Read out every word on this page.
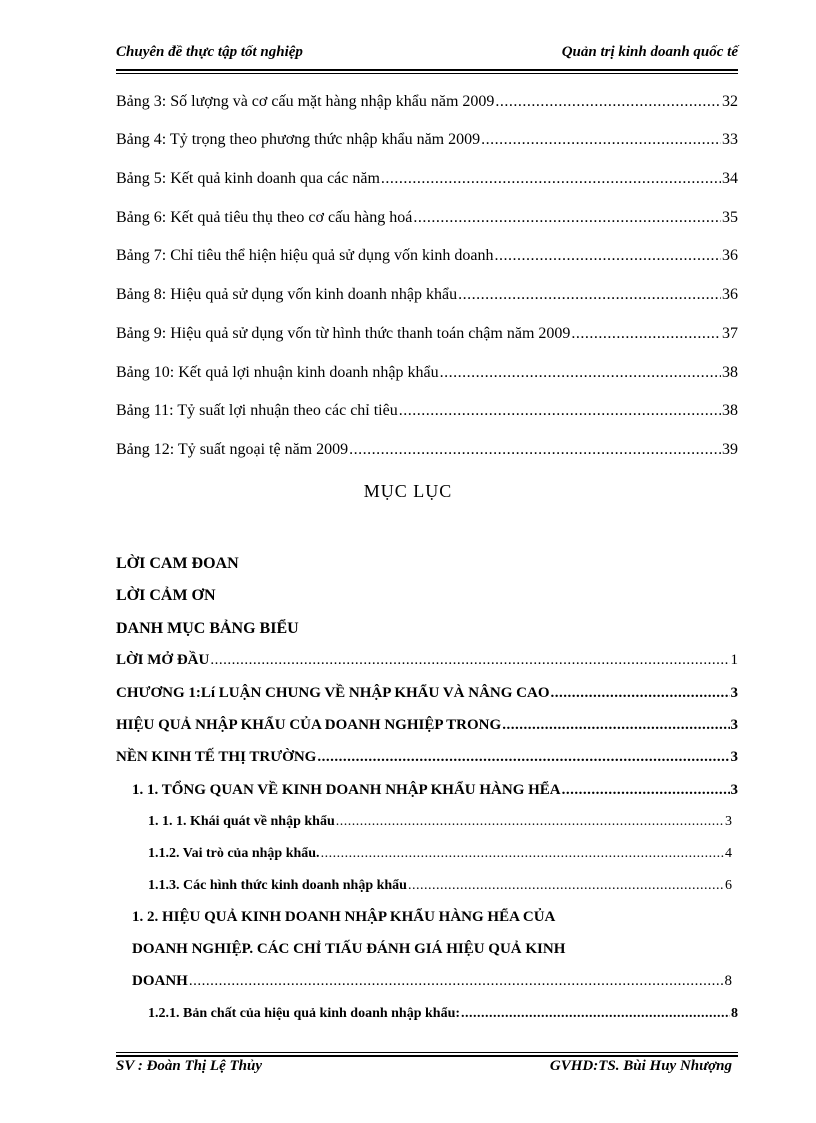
Chuyên đề thực tập tốt nghiệp	Quản trị kinh doanh quốc tế
Bảng 3: Số lượng và cơ cấu mặt hàng nhập khẩu năm 2009 .....	32
Bảng 4: Tỷ trọng theo phương thức nhập khẩu năm 2009 .....	33
Bảng 5: Kết quả kinh doanh qua các năm .....	34
Bảng 6: Kết quả tiêu thụ theo cơ cấu hàng hoá .....	35
Bảng 7: Chỉ tiêu thể hiện hiệu quả sử dụng vốn kinh doanh .....	36
Bảng 8: Hiệu quả sử dụng vốn kinh doanh nhập khẩu .....	36
Bảng 9: Hiệu quả sử dụng vốn từ hình thức thanh toán chậm năm 2009 .....	37
Bảng 10: Kết quả lợi nhuận kinh doanh nhập khẩu .....	38
Bảng 11: Tỷ suất lợi nhuận theo các chỉ tiêu .....	38
Bảng 12: Tỷ suất ngoại tệ năm 2009 .....	39
MỤC LỤC
LỜI CAM ĐOAN
LỜI CẢM ƠN
DANH MỤC BẢNG BIỂU
LỜI MỞ ĐẦU .....	1
CHƯƠNG 1:Lí LUẬN CHUNG VỀ NHẬP KHẨU VÀ NÂNG CAO .....	3
HIỆU QUẢ NHẬP KHẨU CỦA DOANH NGHIỆP TRONG .....	3
NỀN KINH TẾ THỊ TRƯỜNG .....	3
1. 1. TỔNG QUAN VỀ KINH DOANH NHẬP KHẨU HÀNG HỂA .....	3
1. 1. 1. Khái quát về nhập khẩu .....	3
1.1.2. Vai trò của nhập khẩu. .....	4
1.1.3. Các hình thức kinh doanh nhập khẩu .....	6
1. 2. HIỆU QUẢ KINH DOANH NHẬP KHẨU HÀNG HỂA CỦA
DOANH NGHIỆP. CÁC CHỈ TIẤU ĐÁNH GIÁ HIỆU QUẢ KINH
DOANH .....	8
1.2.1. Bản chất của hiệu quả kinh doanh nhập khẩu: .....	8
SV : Đoàn Thị Lệ Thủy	GVHD:TS. Bùi Huy Nhượng
